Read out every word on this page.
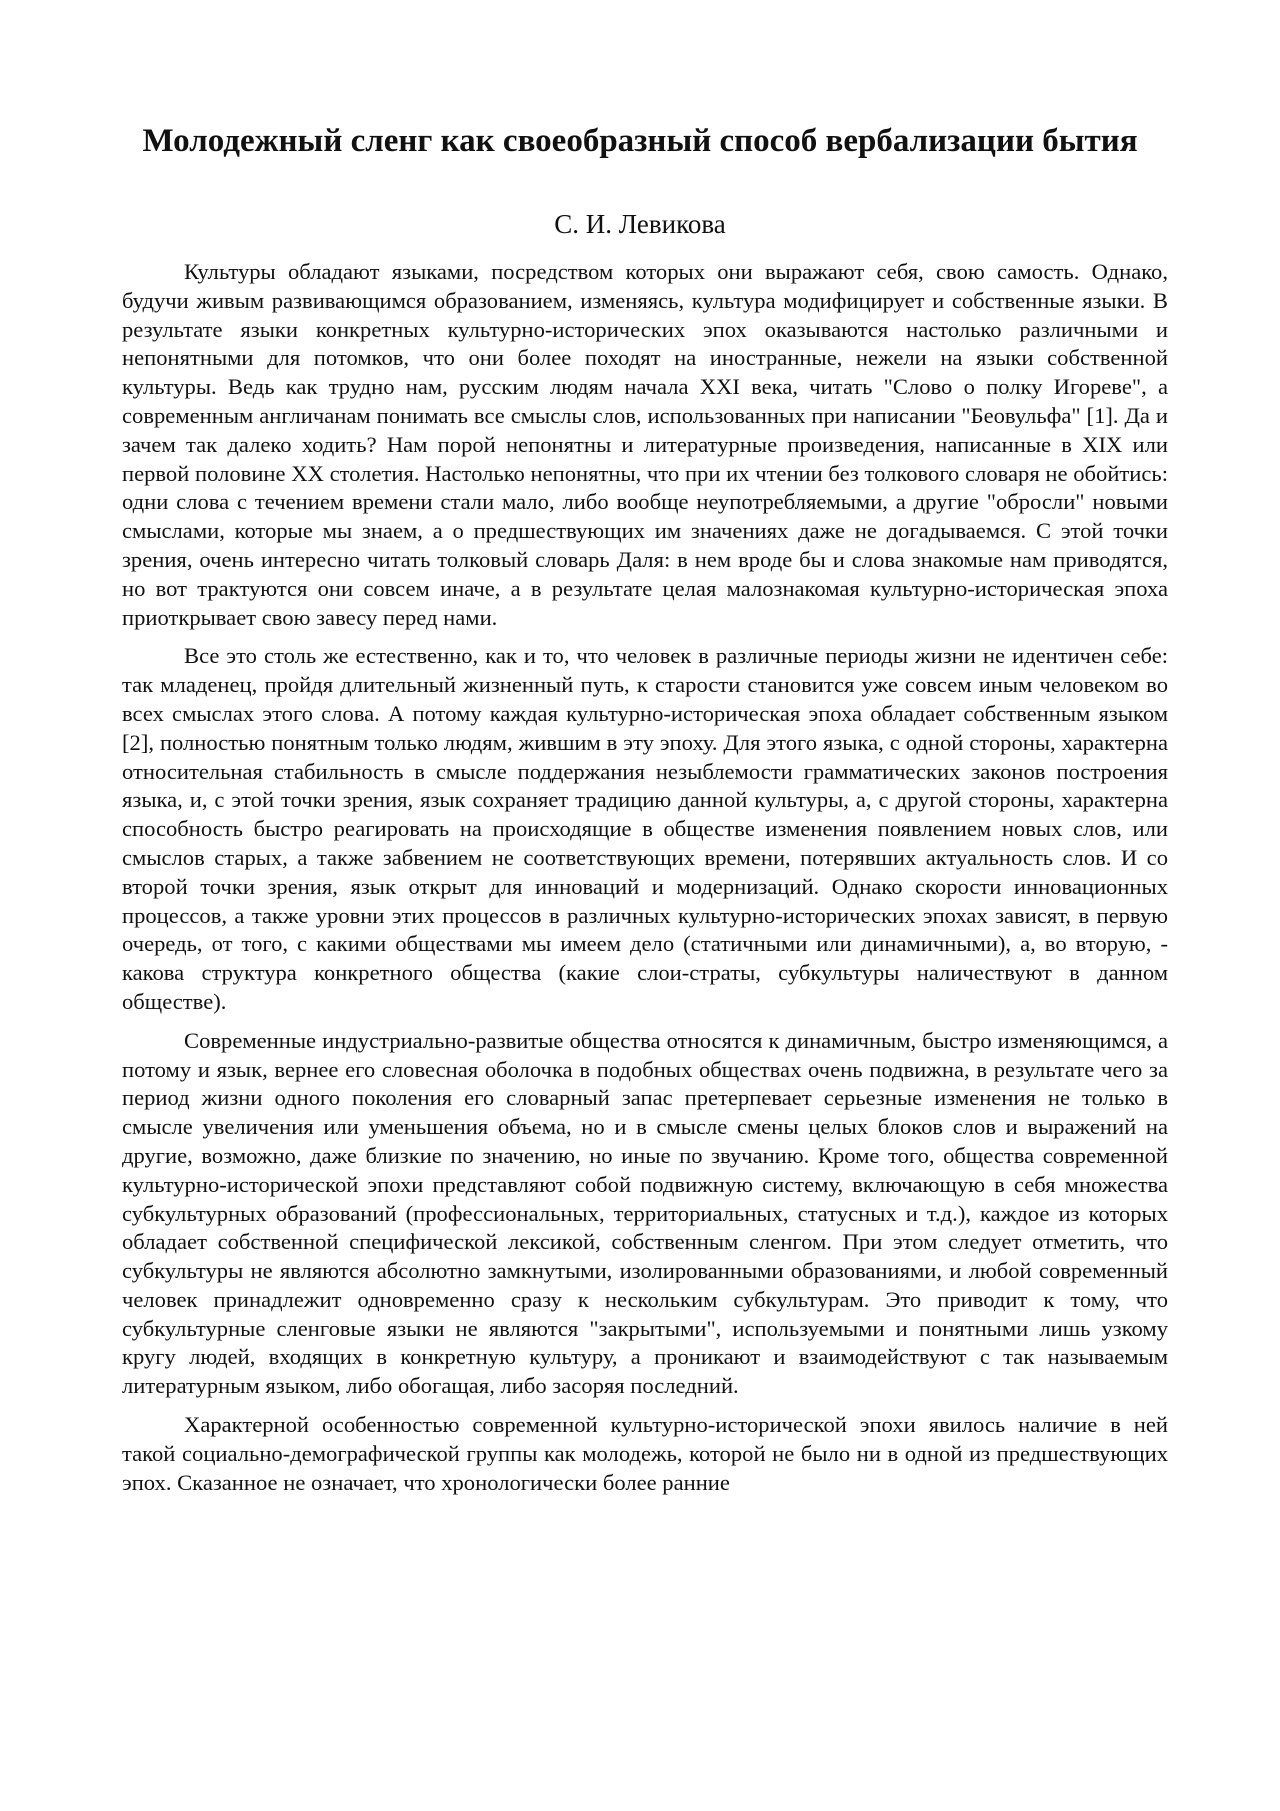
Молодежный сленг как своеобразный способ вербализации бытия

С. И. Левикова

Культуры обладают языками, посредством которых они выражают себя, свою самость. Однако, будучи живым развивающимся образованием, изменяясь, культура модифицирует и собственные языки. В результате языки конкретных культурно-исторических эпох оказываются настолько различными и непонятными для потомков, что они более походят на иностранные, нежели на языки собственной культуры. Ведь как трудно нам, русским людям начала XXI века, читать "Слово о полку Игореве", а современным англичанам понимать все смыслы слов, использованных при написании "Беовульфа" [1]. Да и зачем так далеко ходить? Нам порой непонятны и литературные произведения, написанные в XIX или первой половине XX столетия. Настолько непонятны, что при их чтении без толкового словаря не обойтись: одни слова с течением времени стали мало, либо вообще неупотребляемыми, а другие "обросли" новыми смыслами, которые мы знаем, а о предшествующих им значениях даже не догадываемся. С этой точки зрения, очень интересно читать толковый словарь Даля: в нем вроде бы и слова знакомые нам приводятся, но вот трактуются они совсем иначе, а в результате целая малознакомая культурно-историческая эпоха приоткрывает свою завесу перед нами.

Все это столь же естественно, как и то, что человек в различные периоды жизни не идентичен себе: так младенец, пройдя длительный жизненный путь, к старости становится уже совсем иным человеком во всех смыслах этого слова. А потому каждая культурно-историческая эпоха обладает собственным языком [2], полностью понятным только людям, жившим в эту эпоху. Для этого языка, с одной стороны, характерна относительная стабильность в смысле поддержания незыблемости грамматических законов построения языка, и, с этой точки зрения, язык сохраняет традицию данной культуры, а, с другой стороны, характерна способность быстро реагировать на происходящие в обществе изменения появлением новых слов, или смыслов старых, а также забвением не соответствующих времени, потерявших актуальность слов. И со второй точки зрения, язык открыт для инноваций и модернизаций. Однако скорости инновационных процессов, а также уровни этих процессов в различных культурно-исторических эпохах зависят, в первую очередь, от того, с какими обществами мы имеем дело (статичными или динамичными), а, во вторую, - какова структура конкретного общества (какие слои-страты, субкультуры наличествуют в данном обществе).

Современные индустриально-развитые общества относятся к динамичным, быстро изменяющимся, а потому и язык, вернее его словесная оболочка в подобных обществах очень подвижна, в результате чего за период жизни одного поколения его словарный запас претерпевает серьезные изменения не только в смысле увеличения или уменьшения объема, но и в смысле смены целых блоков слов и выражений на другие, возможно, даже близкие по значению, но иные по звучанию. Кроме того, общества современной культурно-исторической эпохи представляют собой подвижную систему, включающую в себя множества субкультурных образований (профессиональных, территориальных, статусных и т.д.), каждое из которых обладает собственной специфической лексикой, собственным сленгом. При этом следует отметить, что субкультуры не являются абсолютно замкнутыми, изолированными образованиями, и любой современный человек принадлежит одновременно сразу к нескольким субкультурам. Это приводит к тому, что субкультурные сленговые языки не являются "закрытыми", используемыми и понятными лишь узкому кругу людей, входящих в конкретную культуру, а проникают и взаимодействуют с так называемым литературным языком, либо обогащая, либо засоряя последний.

Характерной особенностью современной культурно-исторической эпохи явилось наличие в ней такой социально-демографической группы как молодежь, которой не было ни в одной из предшествующих эпох. Сказанное не означает, что хронологически более ранние
